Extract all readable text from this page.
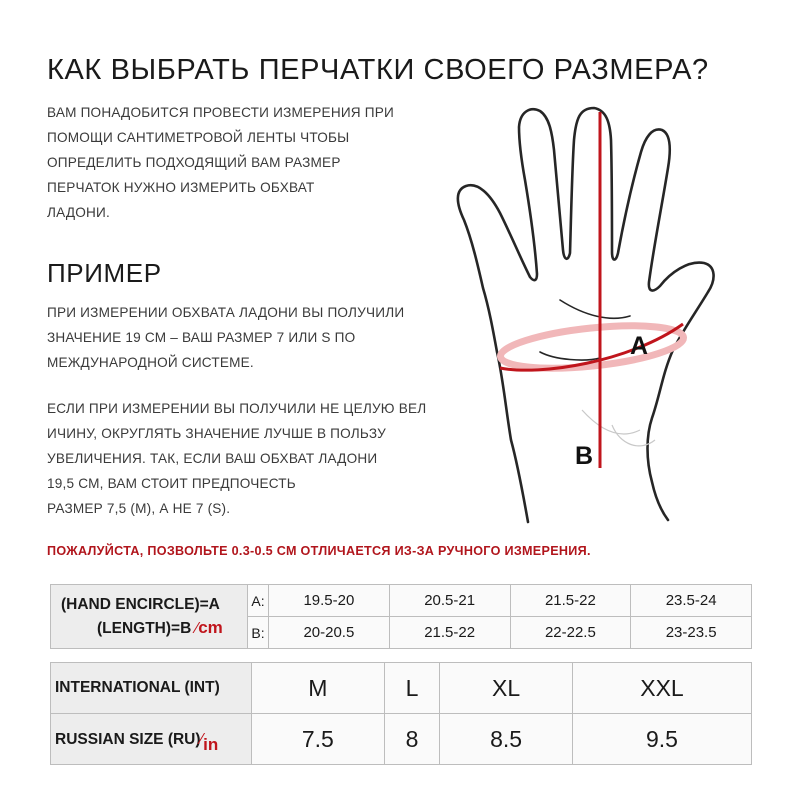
КАК ВЫБРАТЬ ПЕРЧАТКИ СВОЕГО РАЗМЕРА?
ВАМ ПОНАДОБИТСЯ ПРОВЕСТИ ИЗМЕРЕНИЯ ПРИ
ПОМОЩИ САНТИМЕТРОВОЙ ЛЕНТЫ ЧТОБЫ
ОПРЕДЕЛИТЬ ПОДХОДЯЩИЙ ВАМ РАЗМЕР
ПЕРЧАТОК НУЖНО ИЗМЕРИТЬ ОБХВАТ
ЛАДОНИ.
ПРИМЕР
ПРИ ИЗМЕРЕНИИ ОБХВАТА ЛАДОНИ ВЫ ПОЛУЧИЛИ
ЗНАЧЕНИЕ 19 СМ – ВАШ РАЗМЕР 7 ИЛИ S ПО
МЕЖДУНАРОДНОЙ СИСТЕМЕ.
ЕСЛИ ПРИ ИЗМЕРЕНИИ ВЫ ПОЛУЧИЛИ НЕ ЦЕЛУЮ ВЕЛ
ИЧИНУ, ОКРУГЛЯТЬ ЗНАЧЕНИЕ ЛУЧШЕ В ПОЛЬЗУ
УВЕЛИЧЕНИЯ. ТАК, ЕСЛИ ВАШ ОБХВАТ ЛАДОНИ
19,5 СМ, ВАМ СТОИТ ПРЕДПОЧЕСТЬ
РАЗМЕР 7,5 (M), А НЕ 7 (S).
A
B
ПОЖАЛУЙСТА, ПОЗВОЛЬТЕ 0.3-0.5 СМ ОТЛИЧАЕТСЯ ИЗ-ЗА РУЧНОГО ИЗМЕРЕНИЯ.
(HAND ENCIRCLE)=A
(LENGTH)=B ⁄cm	A:	19.5-20	20.5-21	21.5-22	23.5-24
	B:	20-20.5	21.5-22	22-22.5	23-23.5
INTERNATIONAL (INT)	M	L	XL	XXL
RUSSIAN SIZE (RU)⁄in	7.5	8	8.5	9.5
